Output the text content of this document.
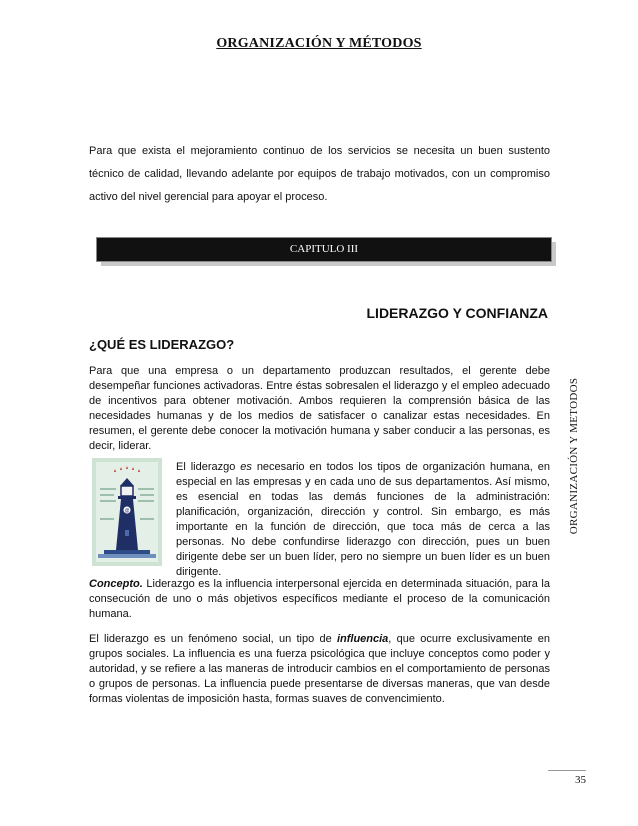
ORGANIZACIÓN Y MÉTODOS
Para que exista el mejoramiento continuo de los servicios se necesita un buen sustento técnico de calidad, llevando adelante por equipos de trabajo motivados, con un compromiso activo del nivel gerencial para apoyar el proceso.
CAPITULO III
LIDERAZGO Y CONFIANZA
¿QUÉ ES LIDERAZGO?
Para que una empresa o un departamento produzcan resultados, el gerente debe desempeñar funciones activadoras. Entre éstas sobresalen el liderazgo y el empleo adecuado de incentivos para obtener motivación. Ambos requieren la comprensión básica de las necesidades humanas y de los medios de satisfacer o canalizar estas necesidades. En resumen, el gerente debe conocer la motivación humana y saber conducir a las personas, es decir, liderar.
@
El liderazgo es necesario en todos los tipos de organización humana, en especial en las empresas y en cada uno de sus departamentos. Así mismo, es esencial en todas las demás funciones de la administración: planificación, organización, dirección y control. Sin embargo, es más importante en la función de dirección, que toca más de cerca a las personas. No debe confundirse liderazgo con dirección, pues un buen dirigente debe ser un buen líder, pero no siempre un buen líder es un buen dirigente.
Concepto. Liderazgo es la influencia interpersonal ejercida en determinada situación, para la consecución de uno o más objetivos específicos mediante el proceso de la comunicación humana.
El liderazgo es un fenómeno social, un tipo de influencia, que ocurre exclusivamente en grupos sociales. La influencia es una fuerza psicológica que incluye conceptos como poder y autoridad, y se refiere a las maneras de introducir cambios en el comportamiento de personas o grupos de personas. La influencia puede presentarse de diversas maneras, que van desde formas violentas de imposición hasta, formas suaves de convencimiento.
ORGANIZACIÓN Y METODOS
35
